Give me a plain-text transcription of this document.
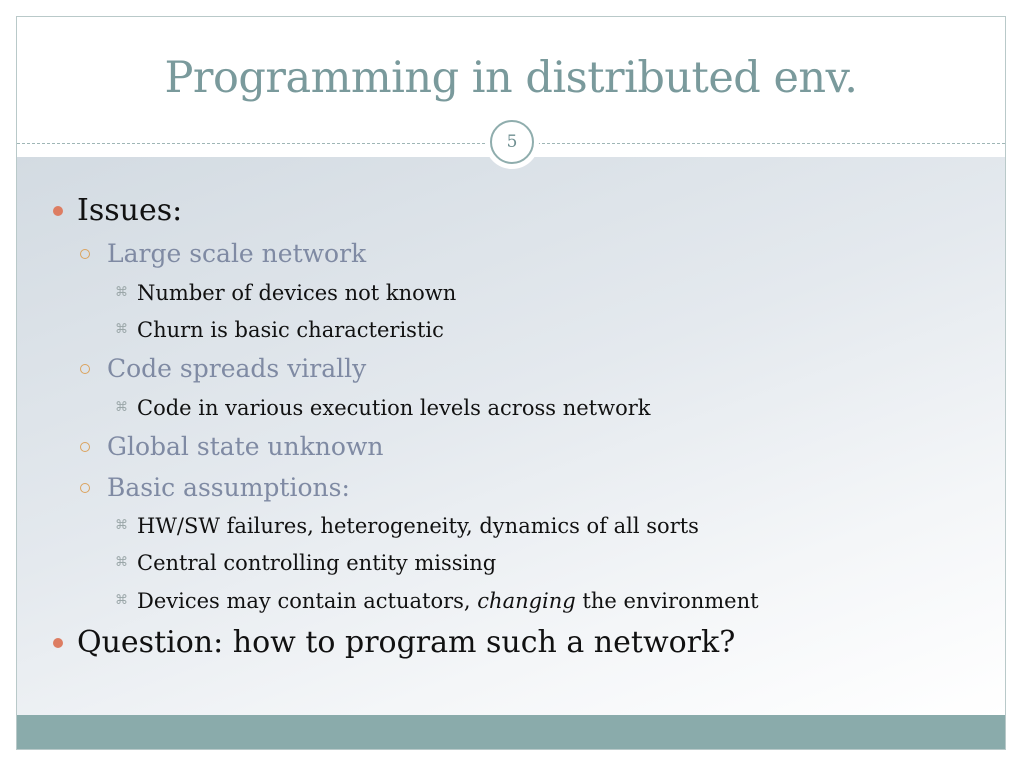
Programming in distributed env.
5
Issues:
Large scale network
⌘ Number of devices not known
⌘ Churn is basic characteristic
Code spreads virally
⌘ Code in various execution levels across network
Global state unknown
Basic assumptions:
⌘ HW/SW failures, heterogeneity, dynamics of all sorts
⌘ Central controlling entity missing
⌘ Devices may contain actuators, changing the environment
Question: how to program such a network?
